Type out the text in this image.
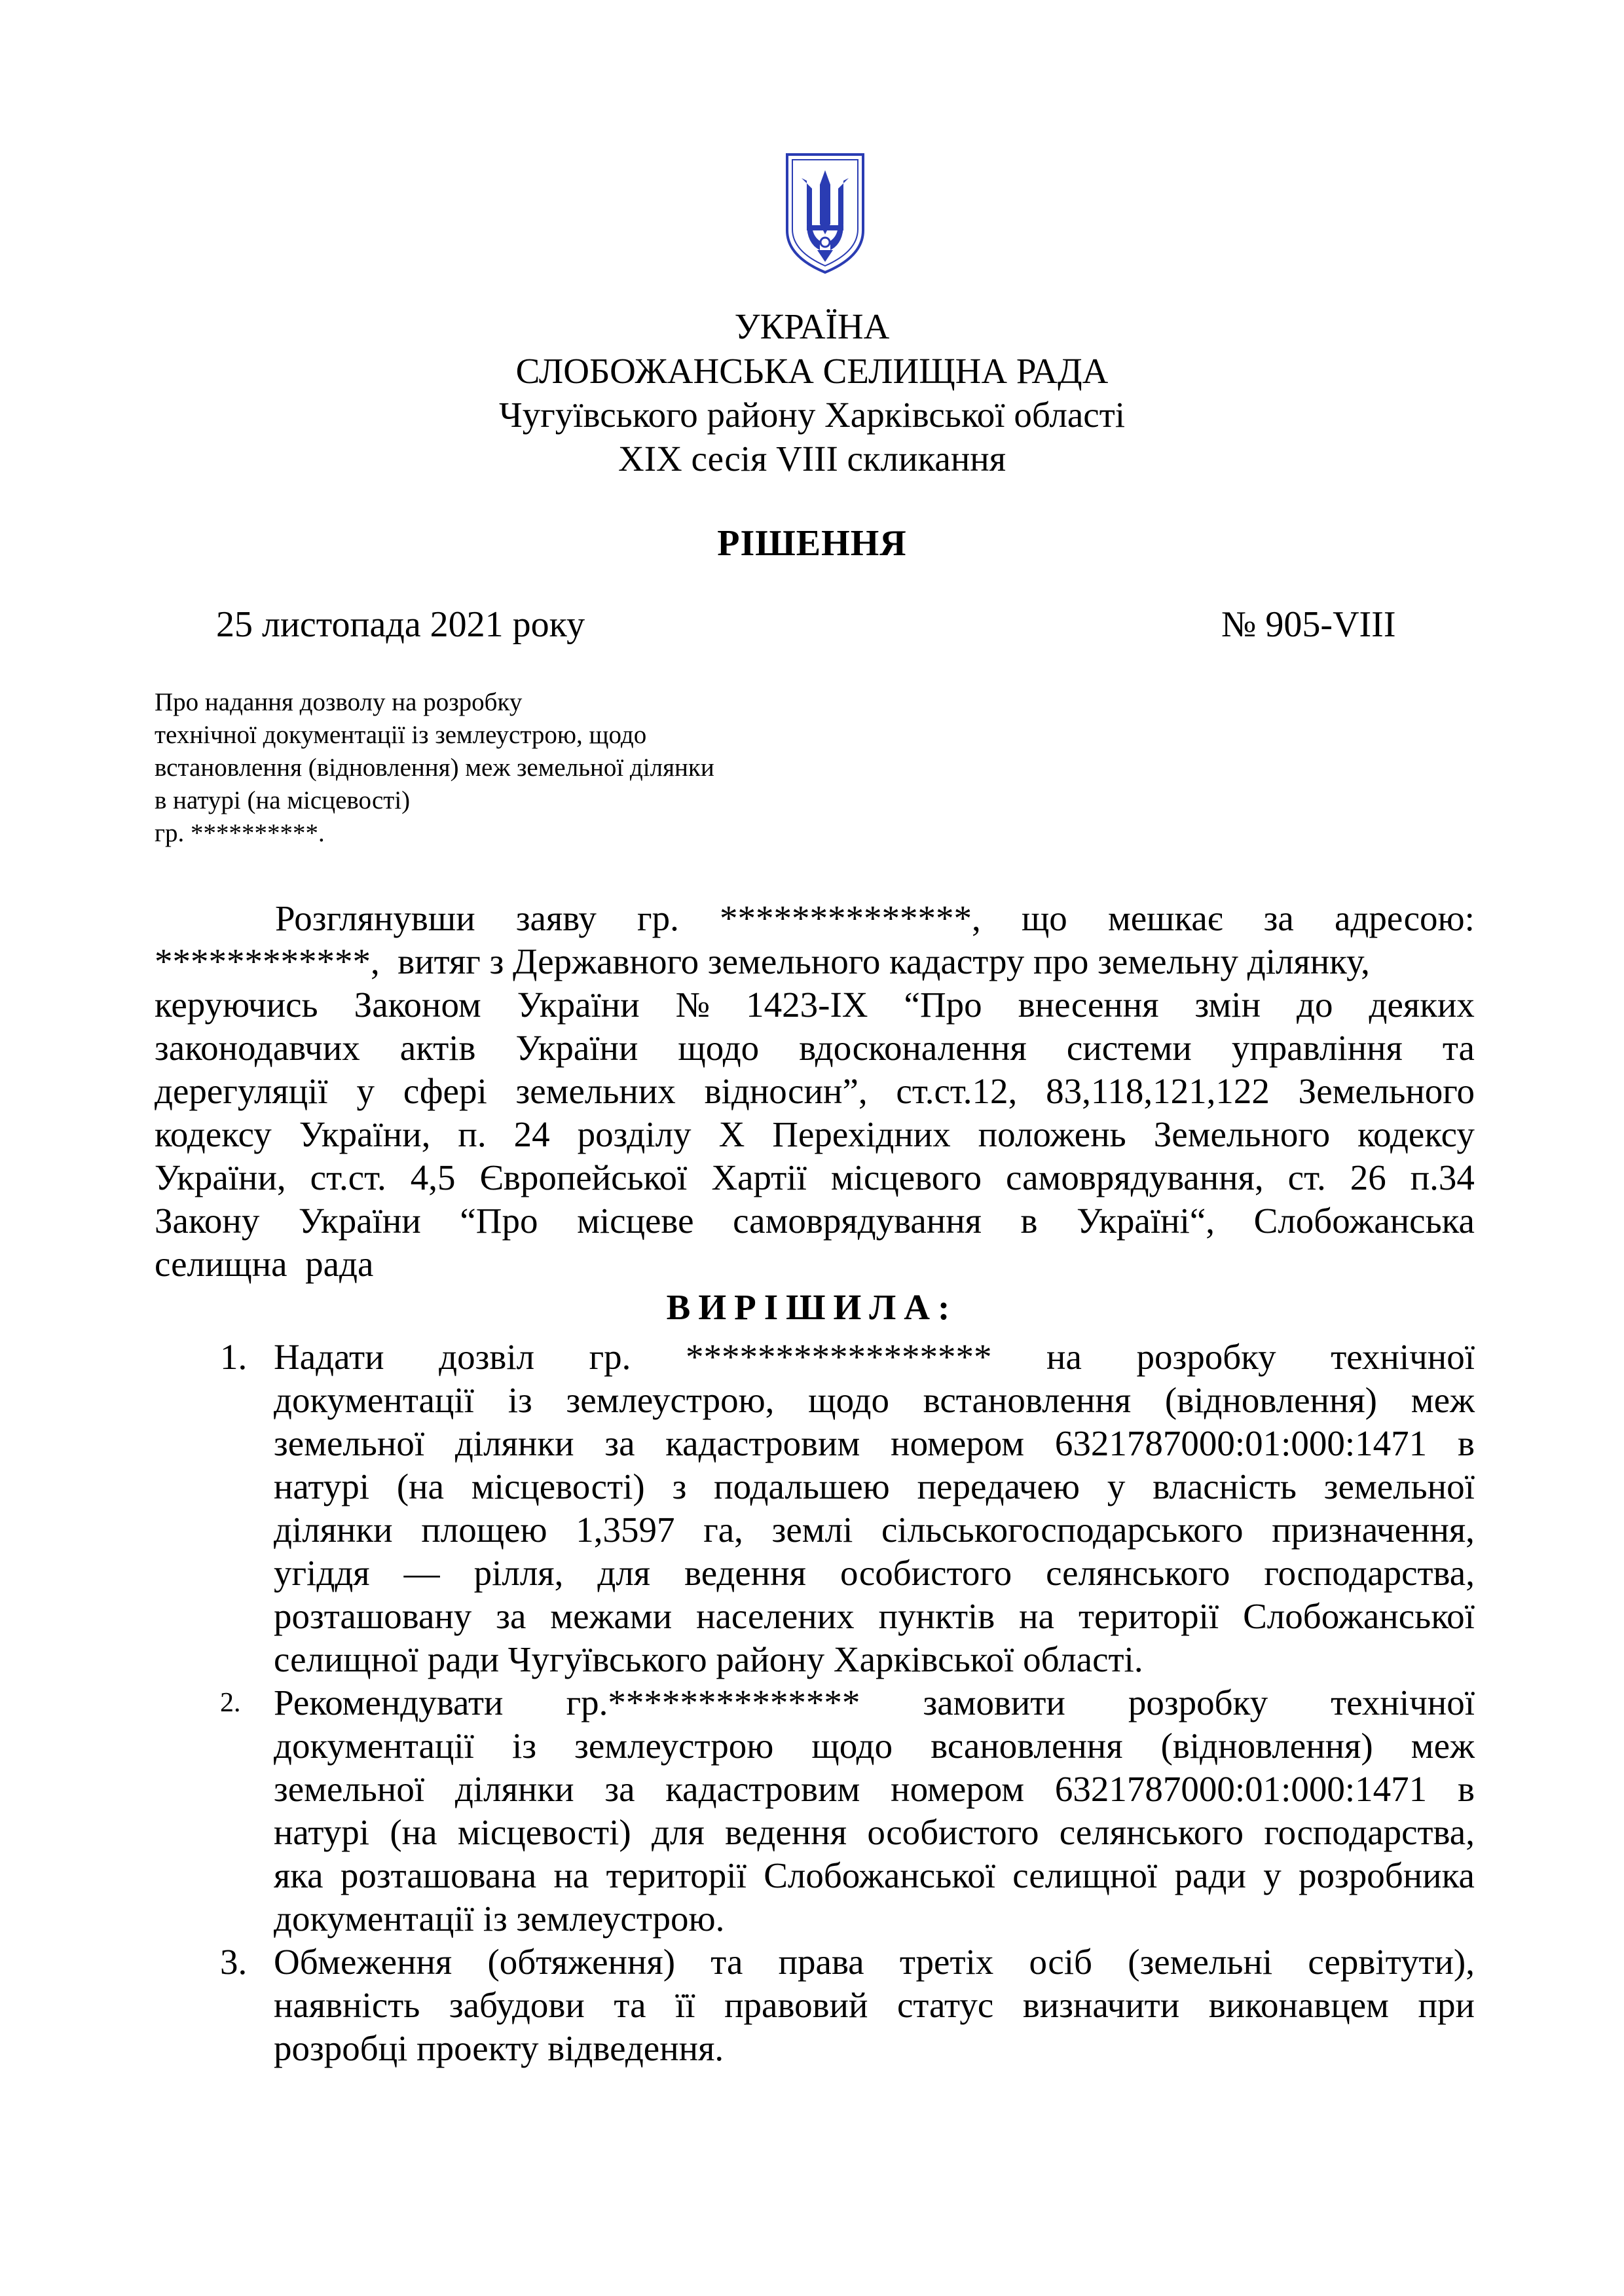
УКРАЇНА
СЛОБОЖАНСЬКА СЕЛИЩНА РАДА
Чугуївського району Харківської області
XIX сесія VIII скликання
РІШЕННЯ
25 листопада 2021 року	№ 905-VIII
Про надання дозволу на розробку
технічної документації із землеустрою, щодо
встановлення (відновлення) меж земельної ділянки
в натурі (на місцевості)
гр. **********.
Розглянувши заяву гр. **************, що мешкає за адресою:
************, витяг з Державного земельного кадастру про земельну ділянку,
керуючись Законом України № 1423-IX “Про внесення змін до деяких
законодавчих актів України щодо вдосконалення системи управління та
дерегуляції у сфері земельних відносин”, ст.ст.12, 83,118,121,122 Земельного
кодексу України, п. 24 розділу Х Перехідних положень Земельного кодексу
України, ст.ст. 4,5 Європейської Хартії місцевого самоврядування, ст. 26 п.34
Закону України “Про місцеве самоврядування в Україні“, Слобожанська
селищна  рада
ВИРІШИЛА:
1. Надати дозвіл гр. ***************** на розробку технічної
документації із землеустрою, щодо встановлення (відновлення) меж
земельної ділянки за кадастровим номером 6321787000:01:000:1471 в
натурі (на місцевості) з подальшею передачею у власність земельної
ділянки площею 1,3597 га, землі сільськогосподарського призначення,
угіддя — рілля, для ведення особистого селянського господарства,
розташовану за межами населених пунктів на території Слобожанської
селищної ради Чугуївського району Харківської області.
2. Рекомендувати гр.************** замовити розробку технічної
документації із землеустрою щодо всановлення (відновлення) меж
земельної ділянки за кадастровим номером 6321787000:01:000:1471 в
натурі (на місцевості) для ведення особистого селянського господарства,
яка розташована на території Слобожанської селищної ради у розробника
документації із землеустрою.
3. Обмеження (обтяження) та права третіх осіб (земельні сервітути),
наявність забудови та її правовий статус визначити виконавцем при
розробці проекту відведення.
